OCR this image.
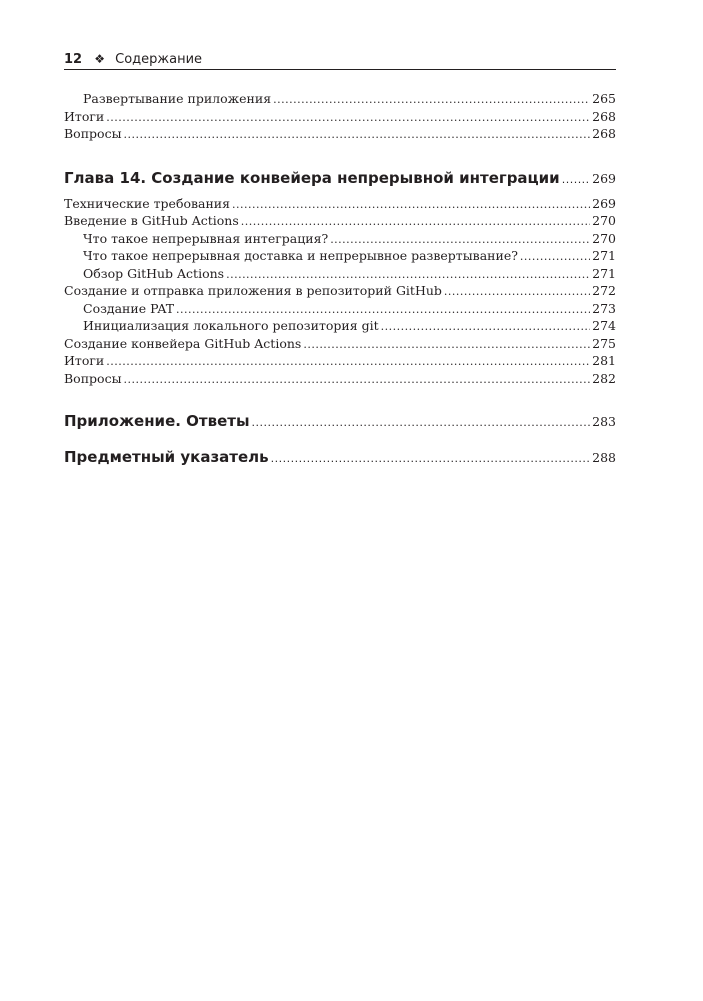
12 ❖ Содержание
Развертывание приложения .....	265
Итоги .....	268
Вопросы .....	268
Глава 14. Создание конвейера непрерывной интеграции .....	269
Технические требования .....	269
Введение в GitHub Actions .....	270
Что такое непрерывная интеграция? .....	270
Что такое непрерывная доставка и непрерывное развертывание? .....	271
Обзор GitHub Actions .....	271
Создание и отправка приложения в репозиторий GitHub .....	272
Создание PAT .....	273
Инициализация локального репозитория git .....	274
Создание конвейера GitHub Actions .....	275
Итоги .....	281
Вопросы .....	282
Приложение. Ответы .....	283
Предметный указатель .....	288
